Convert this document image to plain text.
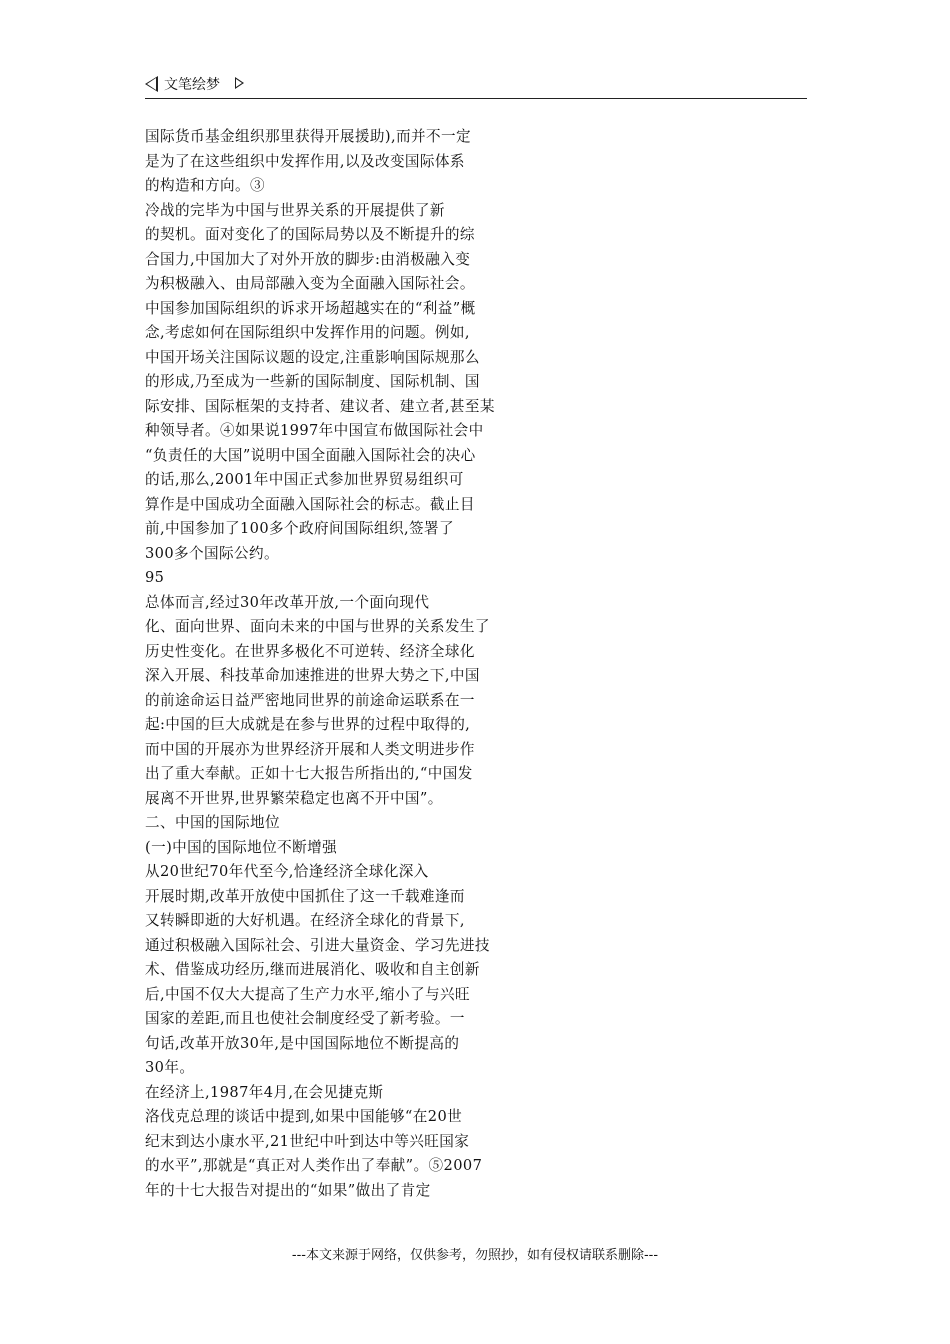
文笔绘梦
国际货币基金组织那里获得开展援助),而并不一定
是为了在这些组织中发挥作用,以及改变国际体系
的构造和方向。③
冷战的完毕为中国与世界关系的开展提供了新
的契机。面对变化了的国际局势以及不断提升的综
合国力,中国加大了对外开放的脚步:由消极融入变
为积极融入、由局部融入变为全面融入国际社会。
中国参加国际组织的诉求开场超越实在的“利益”概
念,考虑如何在国际组织中发挥作用的问题。例如,
中国开场关注国际议题的设定,注重影响国际规那么
的形成,乃至成为一些新的国际制度、国际机制、国
际安排、国际框架的支持者、建议者、建立者,甚至某
种领导者。④如果说1997年中国宣布做国际社会中
“负责任的大国”说明中国全面融入国际社会的决心
的话,那么,2001年中国正式参加世界贸易组织可
算作是中国成功全面融入国际社会的标志。截止目
前,中国参加了100多个政府间国际组织,签署了
300多个国际公约。
95
总体而言,经过30年改革开放,一个面向现代
化、面向世界、面向未来的中国与世界的关系发生了
历史性变化。在世界多极化不可逆转、经济全球化
深入开展、科技革命加速推进的世界大势之下,中国
的前途命运日益严密地同世界的前途命运联系在一
起:中国的巨大成就是在参与世界的过程中取得的,
而中国的开展亦为世界经济开展和人类文明进步作
出了重大奉献。正如十七大报告所指出的,“中国发
展离不开世界,世界繁荣稳定也离不开中国”。
二、中国的国际地位
(一)中国的国际地位不断增强
从20世纪70年代至今,恰逢经济全球化深入
开展时期,改革开放使中国抓住了这一千载难逢而
又转瞬即逝的大好机遇。在经济全球化的背景下,
通过积极融入国际社会、引进大量资金、学习先进技
术、借鉴成功经历,继而进展消化、吸收和自主创新
后,中国不仅大大提高了生产力水平,缩小了与兴旺
国家的差距,而且也使社会制度经受了新考验。一
句话,改革开放30年,是中国国际地位不断提高的
30年。
在经济上,1987年4月,在会见捷克斯
洛伐克总理的谈话中提到,如果中国能够“在20世
纪末到达小康水平,21世纪中叶到达中等兴旺国家
的水平”,那就是“真正对人类作出了奉献”。⑤2007
年的十七大报告对提出的“如果”做出了肯定
---本文来源于网络，仅供参考，勿照抄，如有侵权请联系删除---
